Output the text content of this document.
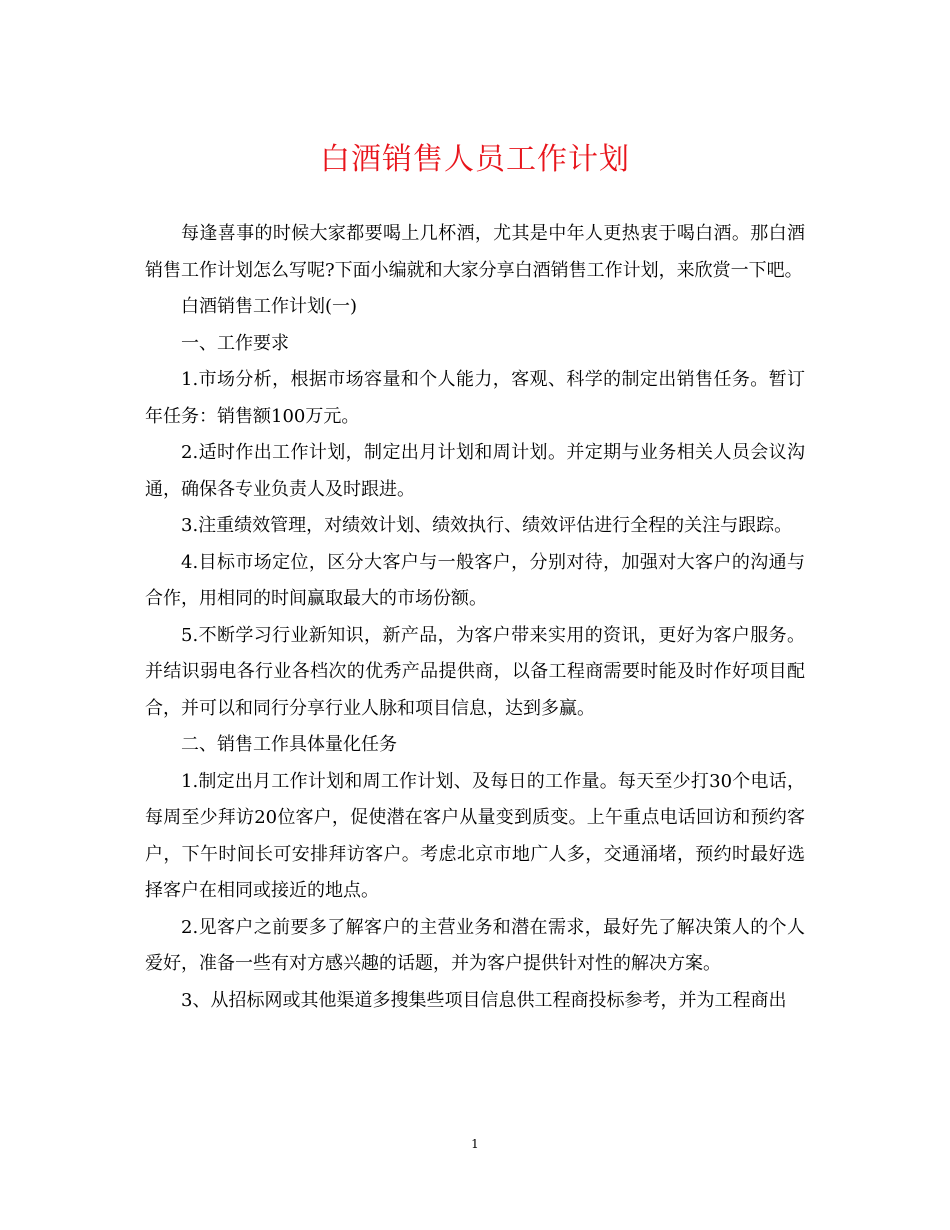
白酒销售人员工作计划

每逢喜事的时候大家都要喝上几杯酒，尤其是中年人更热衷于喝白酒。那白酒销售工作计划怎么写呢?下面小编就和大家分享白酒销售工作计划，来欣赏一下吧。

白酒销售工作计划(一)

一、工作要求

1.市场分析，根据市场容量和个人能力，客观、科学的制定出销售任务。暂订年任务：销售额100万元。

2.适时作出工作计划，制定出月计划和周计划。并定期与业务相关人员会议沟通，确保各专业负责人及时跟进。

3.注重绩效管理，对绩效计划、绩效执行、绩效评估进行全程的关注与跟踪。

4.目标市场定位，区分大客户与一般客户，分别对待，加强对大客户的沟通与合作，用相同的时间赢取最大的市场份额。

5.不断学习行业新知识，新产品，为客户带来实用的资讯，更好为客户服务。并结识弱电各行业各档次的优秀产品提供商，以备工程商需要时能及时作好项目配合，并可以和同行分享行业人脉和项目信息，达到多赢。

二、销售工作具体量化任务

1.制定出月工作计划和周工作计划、及每日的工作量。每天至少打30个电话，每周至少拜访20位客户，促使潜在客户从量变到质变。上午重点电话回访和预约客户，下午时间长可安排拜访客户。考虑北京市地广人多，交通涌堵，预约时最好选择客户在相同或接近的地点。

2.见客户之前要多了解客户的主营业务和潜在需求，最好先了解决策人的个人爱好，准备一些有对方感兴趣的话题，并为客户提供针对性的解决方案。

3、从招标网或其他渠道多搜集些项目信息供工程商投标参考，并为工程商出

1
